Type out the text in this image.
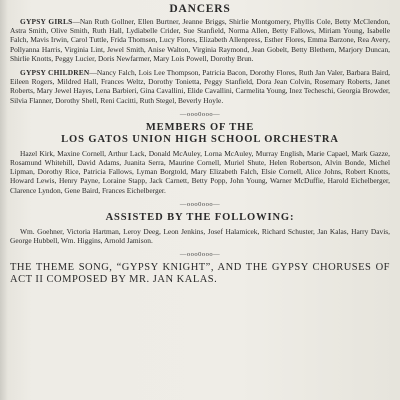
DANCERS

GYPSY GIRLS—Nan Ruth Gollner, Ellen Burtner, Jeanne Briggs, Shirlie Montgomery, Phyllis Cole, Betty McClendon, Astra Smith, Olive Smith, Ruth Hall, Lydiabelle Crider, Sue Stanfield, Norma Allen, Betty Fallows, Miriam Young, Isabelle Falch, Mavis Irwin, Carol Tuttle, Frida Thomsen, Lucy Flores, Elizabeth Allenpress, Esther Flores, Emma Barzone, Rea Avery, Pollyanna Harris, Virginia Lint, Jewel Smith, Anise Walton, Virginia Raymond, Jean Gobelt, Betty Blethem, Marjory Duncan, Shirlie Knotts, Peggy Lucier, Doris Newfarmer, Mary Lois Powell, Dorothy Brun.

GYPSY CHILDREN—Nancy Falch, Lois Lee Thompson, Patricia Bacon, Dorothy Flores, Ruth Jan Valer, Barbara Baird, Eileen Rogers, Mildred Hall, Frances Weltz, Dorothy Tonietta, Peggy Stanfield, Dora Jean Colvin, Rosemary Roberts, Janet Roberts, Mary Jewel Hayes, Lena Barbieri, Gina Cavallini, Elide Cavallini, Carmelita Young, Inez Techeschi, Georgia Browder, Silvia Flanner, Dorothy Shell, Reni Cacitti, Ruth Stegel, Beverly Hoyle.

—ooo0ooo—
MEMBERS OF THE
LOS GATOS UNION HIGH SCHOOL ORCHESTRA

Hazel Kirk, Maxine Cornell, Arthur Lack, Donald McAuley, Lorna McAuley, Murray English, Marie Capael, Mark Gazze, Rosamund Whitehill, David Adams, Juanita Serra, Maurine Cornell, Muriel Shute, Helen Robertson, Alvin Bonde, Michel Lipman, Dorothy Rice, Patricia Fallows, Lyman Borgtold, Mary Elizabeth Falch, Elsie Cornell, Alice Johns, Robert Knotts, Howard Lewis, Henry Payne, Loraine Stapp, Jack Carnett, Betty Popp, John Young, Warner McDuffie, Harold Eichelberger, Clarence Lyndon, Gene Baird, Frances Eichelberger.

—ooo0ooo—
ASSISTED BY THE FOLLOWING:

Wm. Goehner, Victoria Hartman, Leroy Deeg, Leon Jenkins, Josef Halamicek, Richard Schuster, Jan Kalas, Harry Davis, George Hubbell, Wm. Higgins, Arnold Jamison.

—ooo0ooo—

THE THEME SONG, “GYPSY KNIGHT”, AND THE GYPSY CHORUSES OF ACT II COMPOSED BY MR. JAN KALAS.
